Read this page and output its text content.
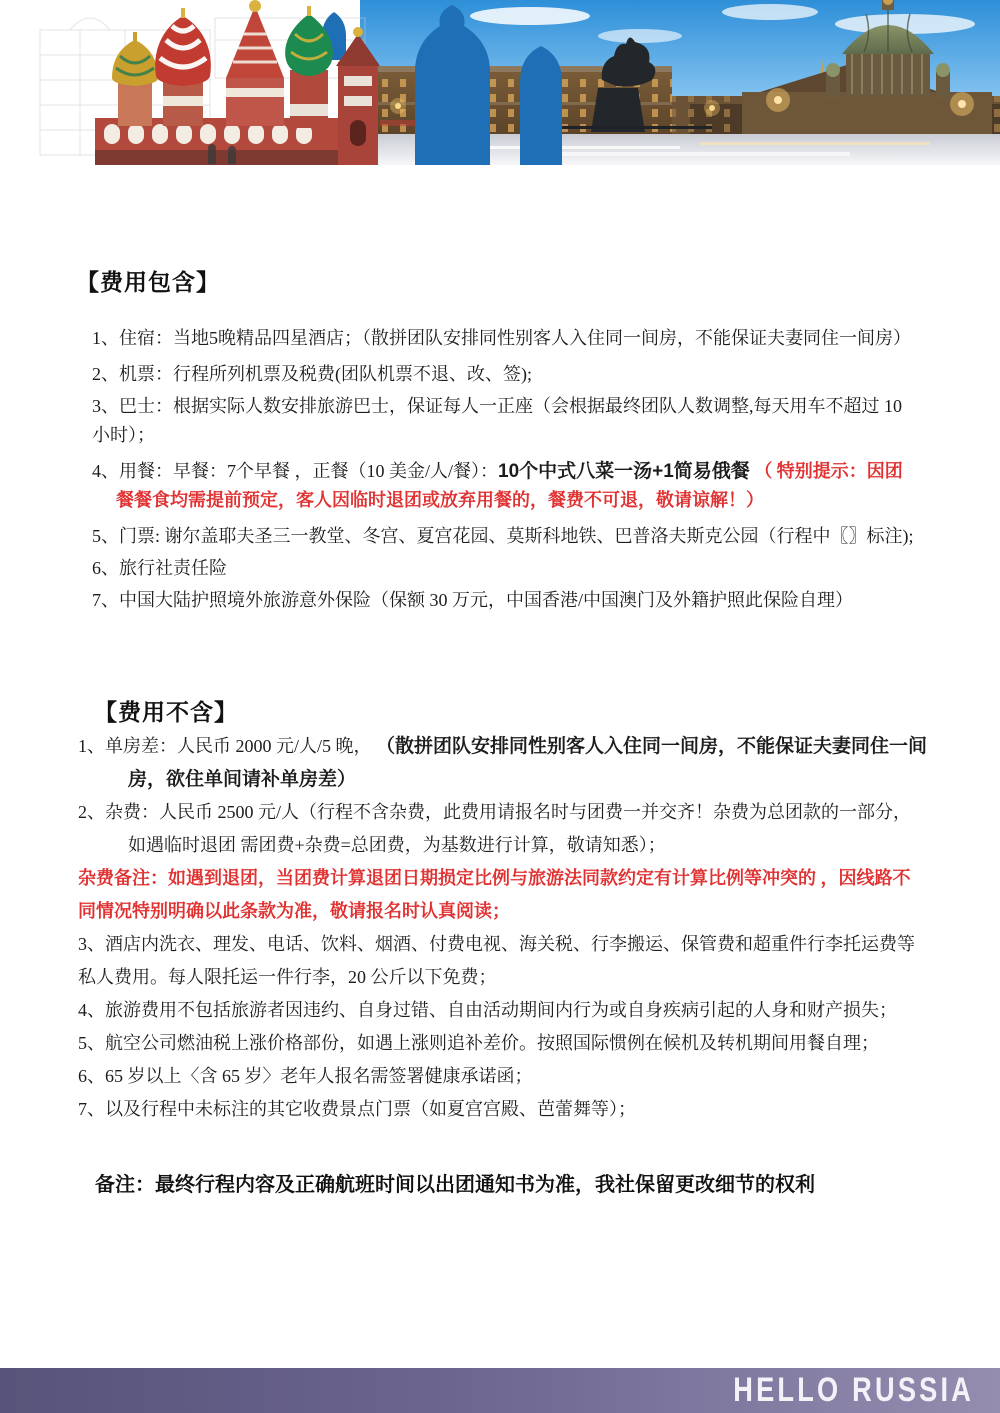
【费用包含】

1、住宿：当地5晚精品四星酒店；（散拼团队安排同性别客人入住同一间房，不能保证夫妻同住一间房）

2、机票：行程所列机票及税费(团队机票不退、改、签);

3、巴士：根据实际人数安排旅游巴士，保证每人一正座（会根据最终团队人数调整,每天用车不超过 10 小时）；

4、用餐：早餐：7个早餐 ，正餐（10 美金/人/餐）：10个中式八菜一汤+1简易俄餐 （ 特别提示：因团餐餐食均需提前预定，客人因临时退团或放弃用餐的，餐费不可退，敬请谅解！）

5、门票: 谢尔盖耶夫圣三一教堂、冬宫、夏宫花园、莫斯科地铁、巴普洛夫斯克公园（行程中〖〗标注);

6、旅行社责任险

7、中国大陆护照境外旅游意外保险（保额 30 万元，中国香港/中国澳门及外籍护照此保险自理）

【费用不含】

1、单房差：人民币 2000 元/人/5 晚， （散拼团队安排同性别客人入住同一间房，不能保证夫妻同住一间房，欲住单间请补单房差）

2、杂费：人民币 2500 元/人（行程不含杂费，此费用请报名时与团费一并交齐！杂费为总团款的一部分，如遇临时退团 需团费+杂费=总团费，为基数进行计算，敬请知悉）；

杂费备注：如遇到退团，当团费计算退团日期损定比例与旅游法同款约定有计算比例等冲突的 ，因线路不同情况特别明确以此条款为准，敬请报名时认真阅读；

3、酒店内洗衣、理发、电话、饮料、烟酒、付费电视、海关税、行李搬运、保管费和超重件行李托运费等私人费用。每人限托运一件行李，20 公斤以下免费；

4、旅游费用不包括旅游者因违约、自身过错、自由活动期间内行为或自身疾病引起的人身和财产损失；

5、航空公司燃油税上涨价格部份，如遇上涨则追补差价。按照国际惯例在候机及转机期间用餐自理；

6、65 岁以上〈含 65 岁〉老年人报名需签署健康承诺函；

7、以及行程中未标注的其它收费景点门票（如夏宫宫殿、芭蕾舞等）；

备注：最终行程内容及正确航班时间以出团通知书为准，我社保留更改细节的权利

HELLO RUSSIA
